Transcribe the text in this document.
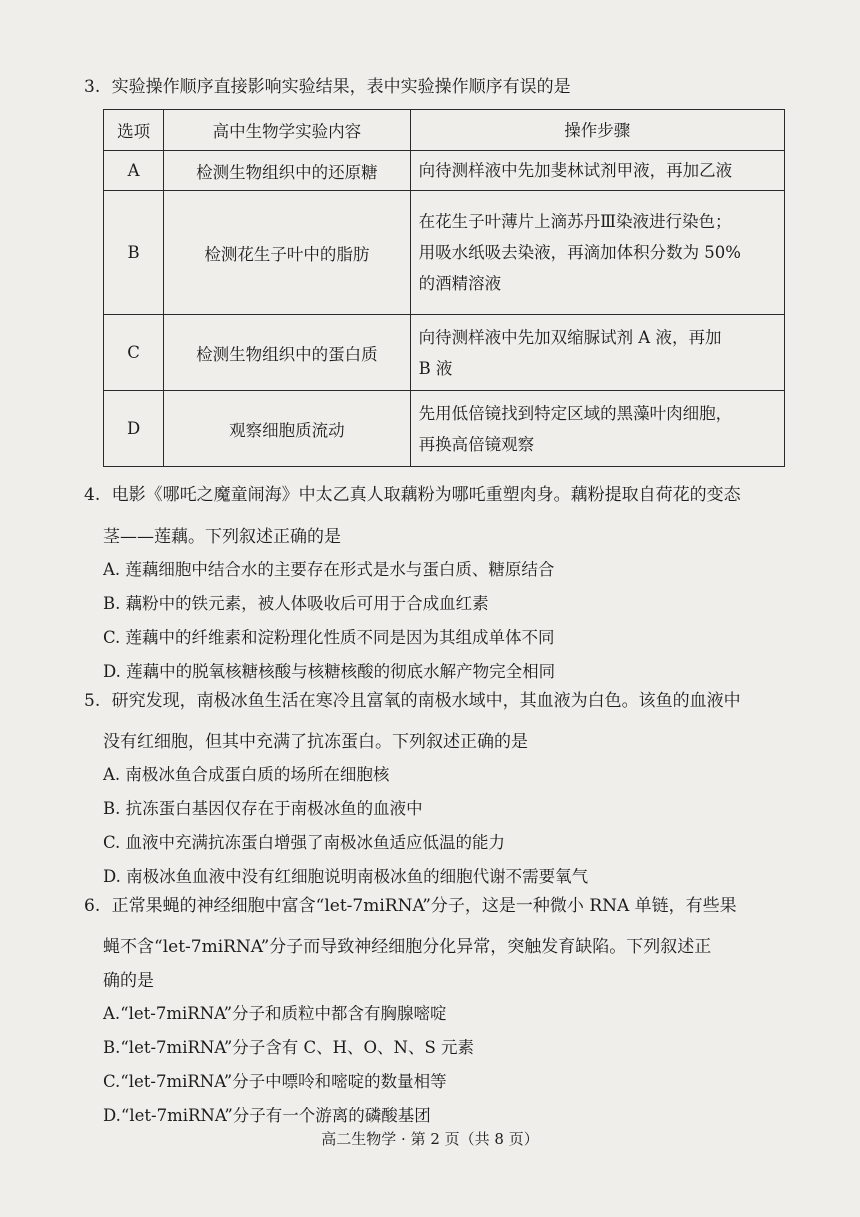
3. 实验操作顺序直接影响实验结果，表中实验操作顺序有误的是
选项	高中生物学实验内容	操作步骤
A	检测生物组织中的还原糖	向待测样液中先加斐林试剂甲液，再加乙液

B	检测花生子叶中的脂肪	在花生子叶薄片上滴苏丹Ⅲ染液进行染色；
用吸水纸吸去染液，再滴加体积分数为 50%
的酒精溶液

C	检测生物组织中的蛋白质	向待测样液中先加双缩脲试剂 A 液，再加
B 液

D	观察细胞质流动	先用低倍镜找到特定区域的黑藻叶肉细胞，
再换高倍镜观察
4. 电影《哪吒之魔童闹海》中太乙真人取藕粉为哪吒重塑肉身。藕粉提取自荷花的变态
茎——莲藕。下列叙述正确的是
A. 莲藕细胞中结合水的主要存在形式是水与蛋白质、糖原结合
B. 藕粉中的铁元素，被人体吸收后可用于合成血红素
C. 莲藕中的纤维素和淀粉理化性质不同是因为其组成单体不同
D. 莲藕中的脱氧核糖核酸与核糖核酸的彻底水解产物完全相同
5. 研究发现，南极冰鱼生活在寒冷且富氧的南极水域中，其血液为白色。该鱼的血液中
没有红细胞，但其中充满了抗冻蛋白。下列叙述正确的是
A. 南极冰鱼合成蛋白质的场所在细胞核
B. 抗冻蛋白基因仅存在于南极冰鱼的血液中
C. 血液中充满抗冻蛋白增强了南极冰鱼适应低温的能力
D. 南极冰鱼血液中没有红细胞说明南极冰鱼的细胞代谢不需要氧气
6. 正常果蝇的神经细胞中富含“let-7miRNA”分子，这是一种微小 RNA 单链，有些果
蝇不含“let-7miRNA”分子而导致神经细胞分化异常，突触发育缺陷。下列叙述正
确的是
A.“let-7miRNA”分子和质粒中都含有胸腺嘧啶
B.“let-7miRNA”分子含有 C、H、O、N、S 元素
C.“let-7miRNA”分子中嘌呤和嘧啶的数量相等
D.“let-7miRNA”分子有一个游离的磷酸基团
高二生物学 · 第 2 页（共 8 页）
